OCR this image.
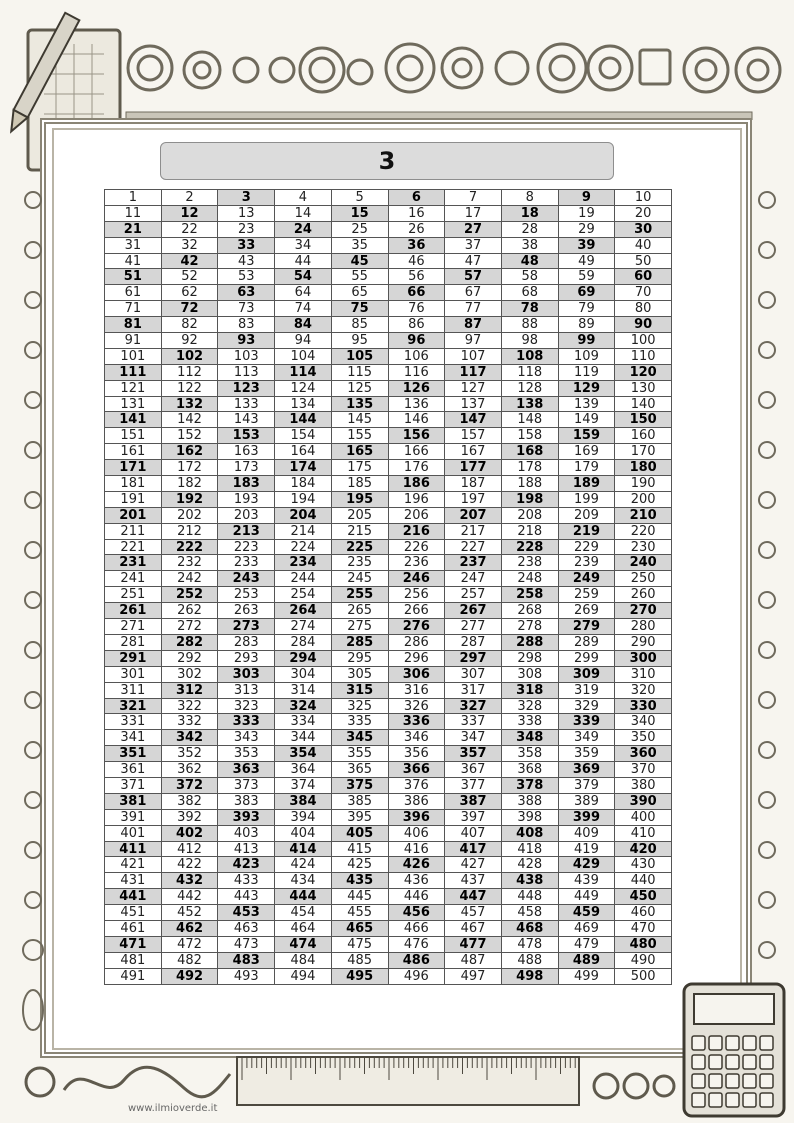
3
1	2	3	4	5	6	7	8	9	10
11	12	13	14	15	16	17	18	19	20
21	22	23	24	25	26	27	28	29	30
31	32	33	34	35	36	37	38	39	40
41	42	43	44	45	46	47	48	49	50
51	52	53	54	55	56	57	58	59	60
61	62	63	64	65	66	67	68	69	70
71	72	73	74	75	76	77	78	79	80
81	82	83	84	85	86	87	88	89	90
91	92	93	94	95	96	97	98	99	100
101	102	103	104	105	106	107	108	109	110
111	112	113	114	115	116	117	118	119	120
121	122	123	124	125	126	127	128	129	130
131	132	133	134	135	136	137	138	139	140
141	142	143	144	145	146	147	148	149	150
151	152	153	154	155	156	157	158	159	160
161	162	163	164	165	166	167	168	169	170
171	172	173	174	175	176	177	178	179	180
181	182	183	184	185	186	187	188	189	190
191	192	193	194	195	196	197	198	199	200
201	202	203	204	205	206	207	208	209	210
211	212	213	214	215	216	217	218	219	220
221	222	223	224	225	226	227	228	229	230
231	232	233	234	235	236	237	238	239	240
241	242	243	244	245	246	247	248	249	250
251	252	253	254	255	256	257	258	259	260
261	262	263	264	265	266	267	268	269	270
271	272	273	274	275	276	277	278	279	280
281	282	283	284	285	286	287	288	289	290
291	292	293	294	295	296	297	298	299	300
301	302	303	304	305	306	307	308	309	310
311	312	313	314	315	316	317	318	319	320
321	322	323	324	325	326	327	328	329	330
331	332	333	334	335	336	337	338	339	340
341	342	343	344	345	346	347	348	349	350
351	352	353	354	355	356	357	358	359	360
361	362	363	364	365	366	367	368	369	370
371	372	373	374	375	376	377	378	379	380
381	382	383	384	385	386	387	388	389	390
391	392	393	394	395	396	397	398	399	400
401	402	403	404	405	406	407	408	409	410
411	412	413	414	415	416	417	418	419	420
421	422	423	424	425	426	427	428	429	430
431	432	433	434	435	436	437	438	439	440
441	442	443	444	445	446	447	448	449	450
451	452	453	454	455	456	457	458	459	460
461	462	463	464	465	466	467	468	469	470
471	472	473	474	475	476	477	478	479	480
481	482	483	484	485	486	487	488	489	490
491	492	493	494	495	496	497	498	499	500
www.ilmioverde.it
